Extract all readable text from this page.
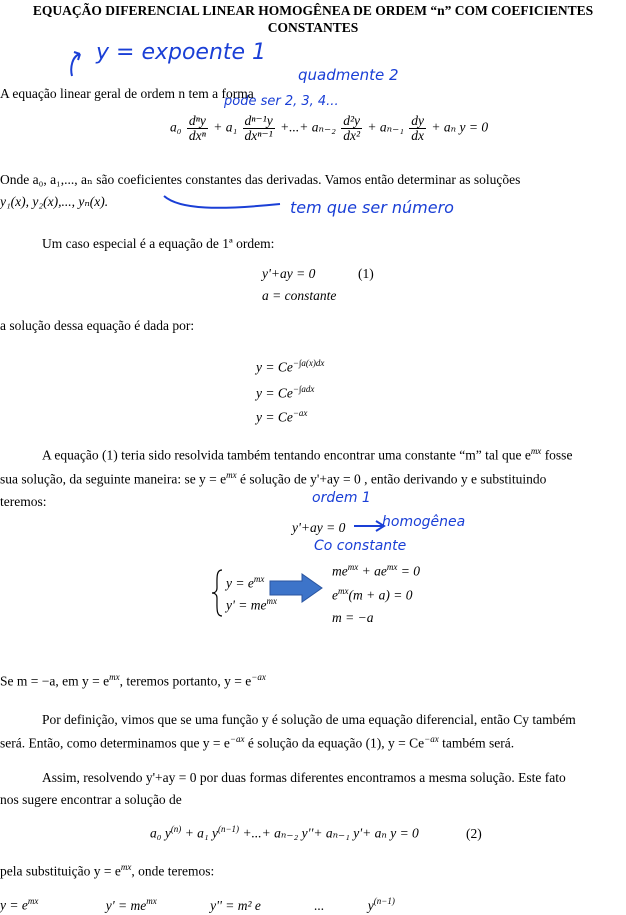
EQUAÇÃO DIFERENCIAL LINEAR HOMOGÊNEA DE ORDEM “n” COM COEFICIENTES
CONSTANTES
y = expoente 1
quadmente 2
pode ser 2, 3, 4...
tem que ser número
ordem 1
homogênea
Co constante
A equação linear geral de ordem n tem a forma
$a_0 \frac{\text{dⁿy}}{\text{dxⁿ}} + a_1 \frac{\text{dⁿ⁻¹y}}{\text{dxⁿ⁻¹}}$ +...+ $a_{n-2} \frac{\text{d²y}}{\text{dx²}} + a_{n-1} \frac{dy}{dx} + a_n$ y = 0
Onde a₀, a₁,..., aₙ são coeficientes constantes das derivadas. Vamos então determinar as soluções
y₁(x), y₂(x),..., yₙ(x).
Um caso especial é a equação de 1ª ordem:
y'+ay = 0	(1)
a = constante
a solução dessa equação é dada por:
$y = Ce^{-\int a(x)dx}$
$y = Ce^{-\int adx}$
$y = Ce^{-ax}$
A equação (1) teria sido resolvida também tentando encontrar uma constante “m” tal que $e^{mx}$ fosse
sua solução, da seguinte maneira: se $y = e^{mx}$ é solução de y'+ay = 0 , então derivando y e substituindo
teremos:
$y = e^{mx}$
$y' = me^{mx}$
y'+ay = 0
$me^{mx} + ae^{mx} = 0$
$e^{mx}(m + a) = 0$
m = −a
Se m = −a, em $y = e^{mx}$, teremos portanto, $y = e^{-ax}$
Por definição, vimos que se uma função y é solução de uma equação diferencial, então Cy também
será. Então, como determinamos que $y = e^{-ax}$ é solução da equação (1), $y = Ce^{-ax}$ também será.
Assim, resolvendo y'+ay = 0 por duas formas diferentes encontramos a mesma solução. Este fato
nos sugere encontrar a solução de
a₀ $y^{(n)} + a_1$ $y^{(n-1)}$ +...+ aₙ₋₂ y''+ aₙ₋₁ y'+ aₙ y = 0	(2)
pela substituição $y = e^{mx}$, onde teremos:
$y = e^{mx}$	$y' = me^{mx}$	y'' = m² e	...	$y^{(n-1)}$
